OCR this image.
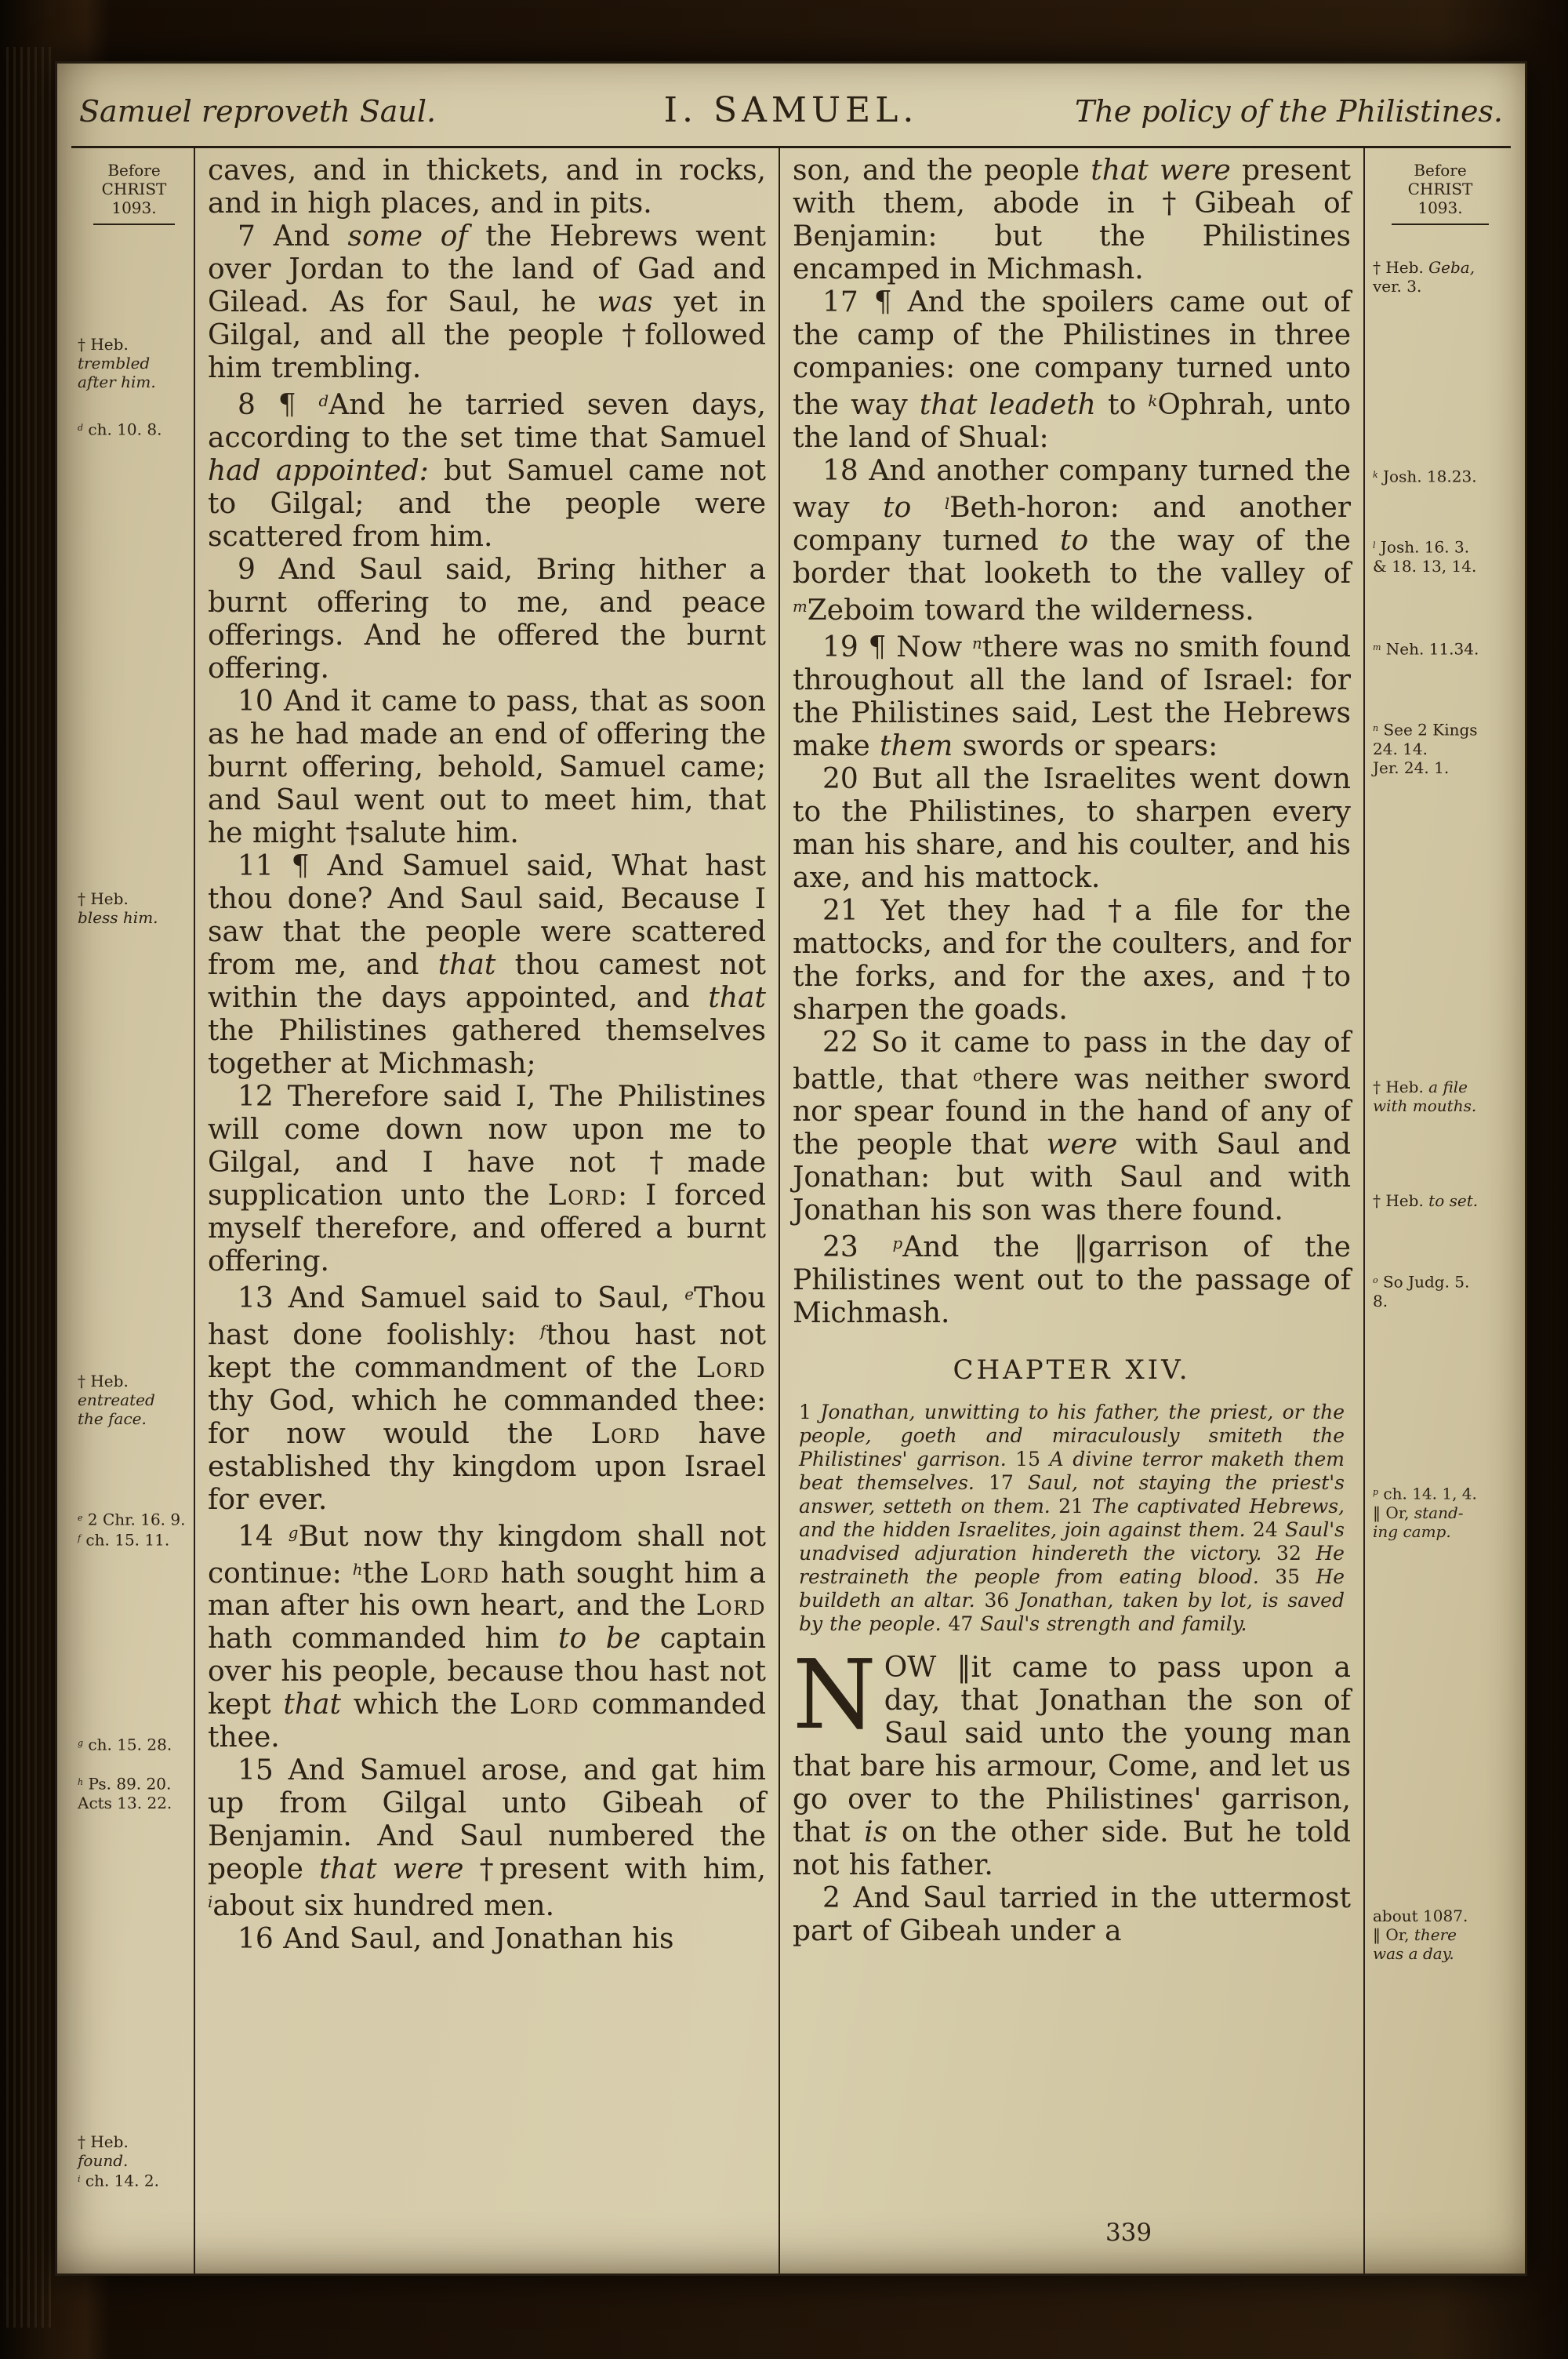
Samuel reproveth Saul.	I. SAMUEL.	The policy of the Philistines.
Before
CHRIST
1093.
† Heb.
trembled
after him.
$^d$ ch. 10. 8.
† Heb.
bless him.
† Heb.
entreated
the face.
$^e$ 2 Chr. 16. 9.
$^f$ ch. 15. 11.
$^g$ ch. 15. 28.
$^h$ Ps. 89. 20.
Acts 13. 22.
† Heb.
found.
$^i$ ch. 14. 2.

caves, and in thickets, and in rocks, and in high places, and in pits.

7 And some of the Hebrews went over Jordan to the land of Gad and Gilead. As for Saul, he was yet in Gilgal, and all the people †followed him trembling.

8 ¶ $^d$And he tarried seven days, according to the set time that Samuel had appointed: but Samuel came not to Gilgal; and the people were scattered from him.

9 And Saul said, Bring hither a burnt offering to me, and peace offerings. And he offered the burnt offering.

10 And it came to pass, that as soon as he had made an end of offering the burnt offering, behold, Samuel came; and Saul went out to meet him, that he might †salute him.

11 ¶ And Samuel said, What hast thou done? And Saul said, Because I saw that the people were scattered from me, and that thou camest not within the days appointed, and that the Philistines gathered themselves together at Michmash;

12 Therefore said I, The Philistines will come down now upon me to Gilgal, and I have not †made supplication unto the Lord: I forced myself therefore, and offered a burnt offering.

13 And Samuel said to Saul, $^e$Thou hast done foolishly: $^f$thou hast not kept the commandment of the Lord thy God, which he commanded thee: for now would the Lord have established thy kingdom upon Israel for ever.

14 $^g$But now thy kingdom shall not continue: $^h$the Lord hath sought him a man after his own heart, and the Lord hath commanded him to be captain over his people, because thou hast not kept that which the Lord commanded thee.

15 And Samuel arose, and gat him up from Gilgal unto Gibeah of Benjamin. And Saul numbered the people that were †present with him, $^i$about six hundred men.

16 And Saul, and Jonathan his

son, and the people that were present with them, abode in †Gibeah of Benjamin: but the Philistines encamped in Michmash.

17 ¶ And the spoilers came out of the camp of the Philistines in three companies: one company turned unto the way that leadeth to $^k$Ophrah, unto the land of Shual:

18 And another company turned the way to $^l$Beth-horon: and another company turned to the way of the border that looketh to the valley of $^m$Zeboim toward the wilderness.

19 ¶ Now $^n$there was no smith found throughout all the land of Israel: for the Philistines said, Lest the Hebrews make them swords or spears:

20 But all the Israelites went down to the Philistines, to sharpen every man his share, and his coulter, and his axe, and his mattock.

21 Yet they had †a file for the mattocks, and for the coulters, and for the forks, and for the axes, and †to sharpen the goads.

22 So it came to pass in the day of battle, that $^o$there was neither sword nor spear found in the hand of any of the people that were with Saul and Jonathan: but with Saul and with Jonathan his son was there found.

23 $^p$And the ‖garrison of the Philistines went out to the passage of Michmash.

CHAPTER XIV.

1 Jonathan, unwitting to his father, the priest, or the people, goeth and miraculously smiteth the Philistines' garrison. 15 A divine terror maketh them beat themselves. 17 Saul, not staying the priest's answer, setteth on them. 21 The captivated Hebrews, and the hidden Israelites, join against them. 24 Saul's unadvised adjuration hindereth the victory. 32 He restraineth the people from eating blood. 35 He buildeth an altar. 36 Jonathan, taken by lot, is saved by the people. 47 Saul's strength and family.

NOW ‖it came to pass upon a day, that Jonathan the son of Saul said unto the young man that bare his armour, Come, and let us go over to the Philistines' garrison, that is on the other side. But he told not his father.

2 And Saul tarried in the uttermost part of Gibeah under a

Before
CHRIST
1093.
† Heb. Geba,
ver. 3.
$^k$ Josh. 18.23.
$^l$ Josh. 16. 3.
& 18. 13, 14.
$^m$ Neh. 11.34.
$^n$ See 2 Kings
24. 14.
Jer. 24. 1.
† Heb. a file
with mouths.
† Heb. to set.
$^o$ So Judg. 5.
8.
$^p$ ch. 14. 1, 4.
‖ Or, stand-
ing camp.
about 1087.
‖ Or, there
was a day.
339
